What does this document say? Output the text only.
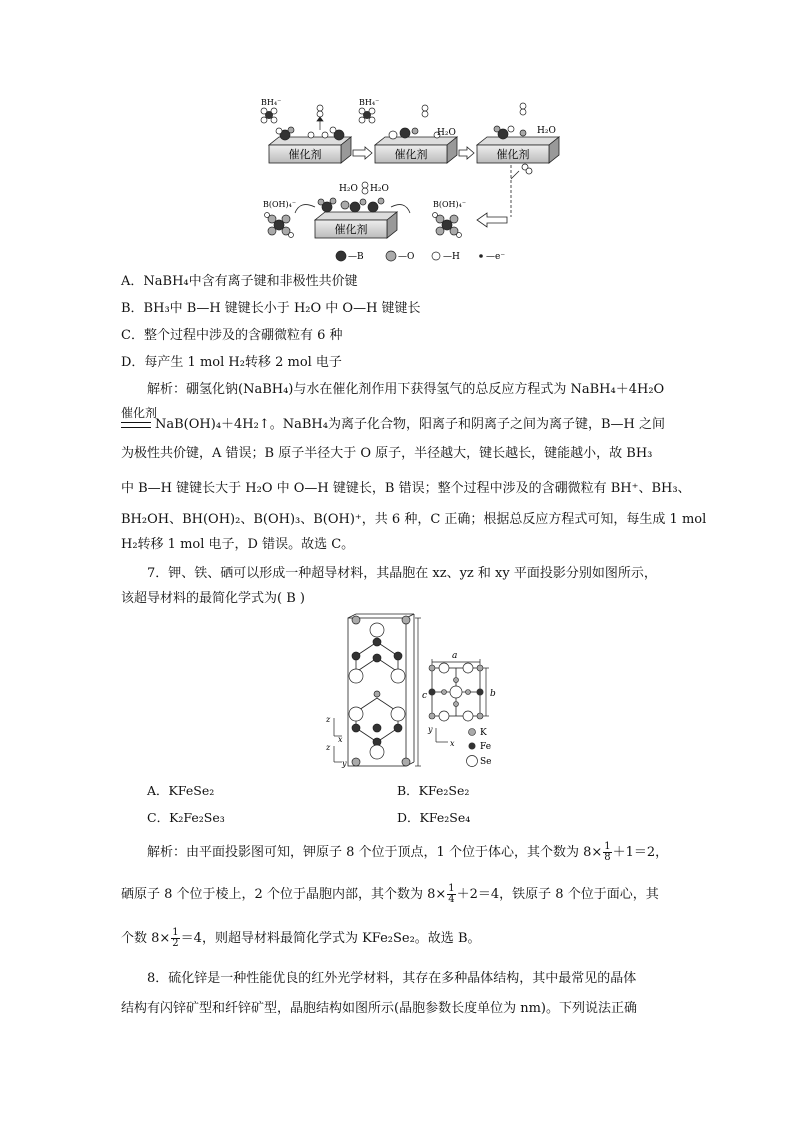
催化剂	催化剂	催化剂
BH₄⁻	BH₄⁻
H₂O	H₂O
催化剂
H₂O H₂O
B(OH)₄⁻	B(OH)₄⁻
—B	—O	—H	—e⁻
A．NaBH₄中含有离子键和非极性共价键
B．BH₃中 B—H 键键长小于 H₂O 中 O—H 键键长
C．整个过程中涉及的含硼微粒有 6 种
D．每产生 1 mol H₂转移 2 mol 电子
解析：硼氢化钠(NaBH₄)与水在催化剂作用下获得氢气的总反应方程式为 NaBH₄＋4H₂O
催化剂
NaB(OH)₄＋4H₂↑。NaBH₄为离子化合物，阳离子和阴离子之间为离子键，B—H 之间
为极性共价键，A 错误；B 原子半径大于 O 原子，半径越大，键长越长，键能越小，故 BH₃
中 B—H 键键长大于 H₂O 中 O—H 键键长，B 错误；整个过程中涉及的含硼微粒有 BH⁺、BH₃、
BH₂OH、BH(OH)₂、B(OH)₃、B(OH)⁺，共 6 种，C 正确；根据总反应方程式可知，每生成 1 mol
H₂转移 1 mol 电子，D 错误。故选 C。
7．钾、铁、硒可以形成一种超导材料，其晶胞在 xz、yz 和 xy 平面投影分别如图所示，
该超导材料的最简化学式为( B )
c
z
x
z
y
a
b
y
x
K
Fe
Se
A．KFeSe₂	B．KFe₂Se₂
C．K₂Fe₂Se₃	D．KFe₂Se₄
解析：由平面投影图可知，钾原子 8 个位于顶点，1 个位于体心，其个数为 $8\times \frac{1}{8} +1=2$，
硒原子 8 个位于棱上，2 个位于晶胞内部，其个数为 $8\times \frac{1}{4} +2=4$，铁原子 8 个位于面心，其
个数 $8\times \frac{1}{2} =4$，则超导材料最简化学式为 KFe₂Se₂。故选 B。
8．硫化锌是一种性能优良的红外光学材料，其存在多种晶体结构，其中最常见的晶体
结构有闪锌矿型和纤锌矿型，晶胞结构如图所示(晶胞参数长度单位为 nm)。下列说法正确
